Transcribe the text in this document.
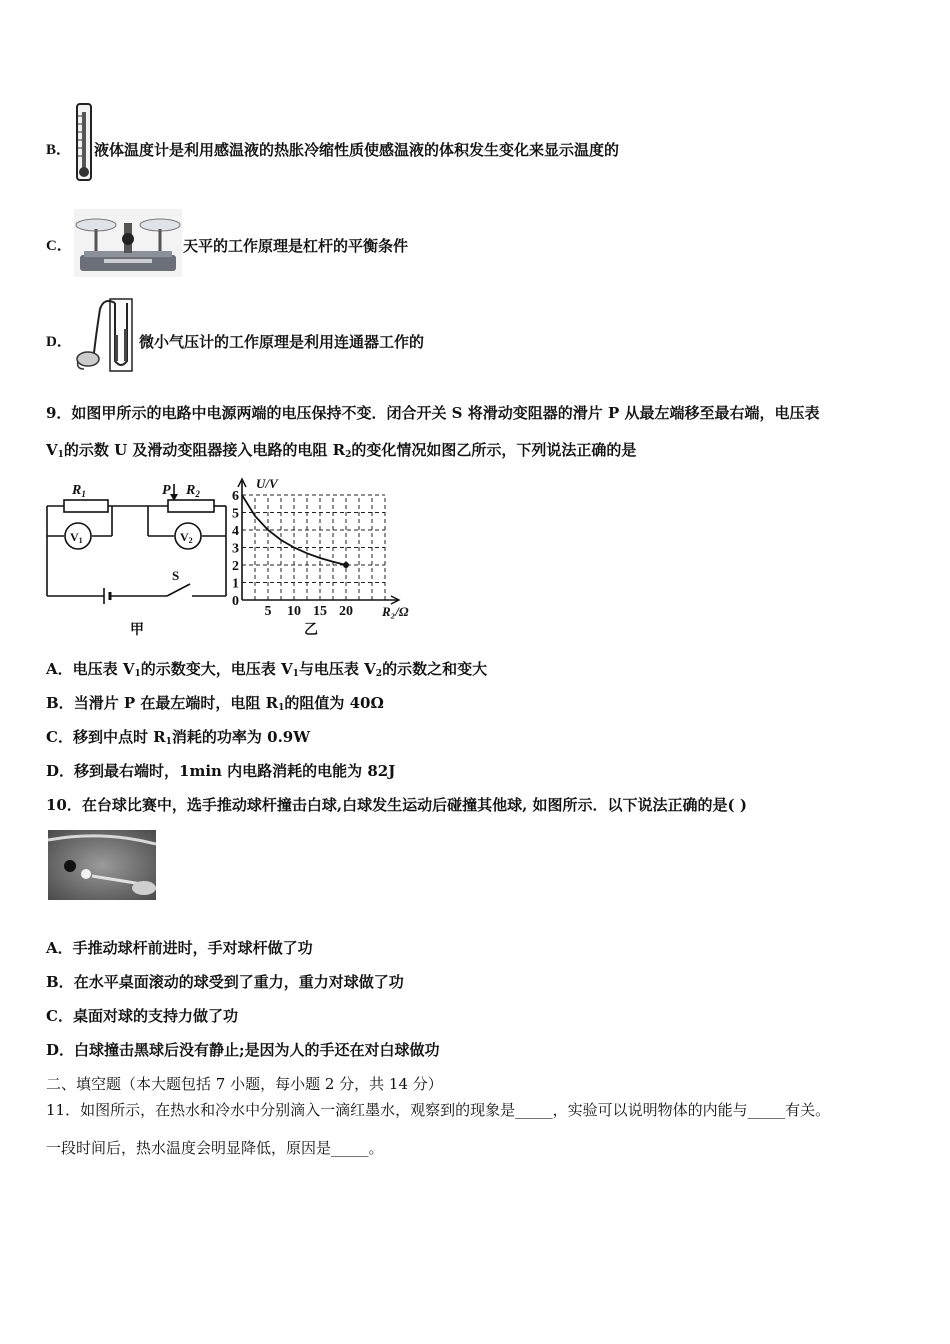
B． 液体温度计是利用感温液的热胀冷缩性质使感温液的体积发生变化来显示温度的
C．	天平的工作原理是杠杆的平衡条件
D．	微小气压计的工作原理是利用连通器工作的
9．如图甲所示的电路中电源两端的电压保持不变．闭合开关 S 将滑动变阻器的滑片 P 从最左端移至最右端，电压表
$V_1$的示数 U 及滑动变阻器接入电路的电阻 $R_2$的变化情况如图乙所示，下列说法正确的是
$R_1$	P $R_2$
V1	V2
S
甲
0
1
2
3
4
5
6
5 10 15 20
U/V
R₂/Ω
乙
A．电压表 $V_1$的示数变大，电压表 $V_1$与电压表 $V_2$的示数之和变大
B．当滑片 P 在最左端时，电阻 $R_1$的阻值为 40Ω
C．移到中点时 $R_1$消耗的功率为 0.9W
D．移到最右端时，1min 内电路消耗的电能为 82J
10．在台球比赛中，选手推动球杆撞击白球,白球发生运动后碰撞其他球, 如图所示．以下说法正确的是( )
A．手推动球杆前进时，手对球杆做了功
B．在水平桌面滚动的球受到了重力，重力对球做了功
C．桌面对球的支持力做了功
D．白球撞击黑球后没有静止;是因为人的手还在对白球做功
二、填空题（本大题包括 7 小题，每小题 2 分，共 14 分）
11．如图所示，在热水和冷水中分别滴入一滴红墨水，观察到的现象是_____，实验可以说明物体的内能与_____有关。
一段时间后，热水温度会明显降低，原因是_____。
